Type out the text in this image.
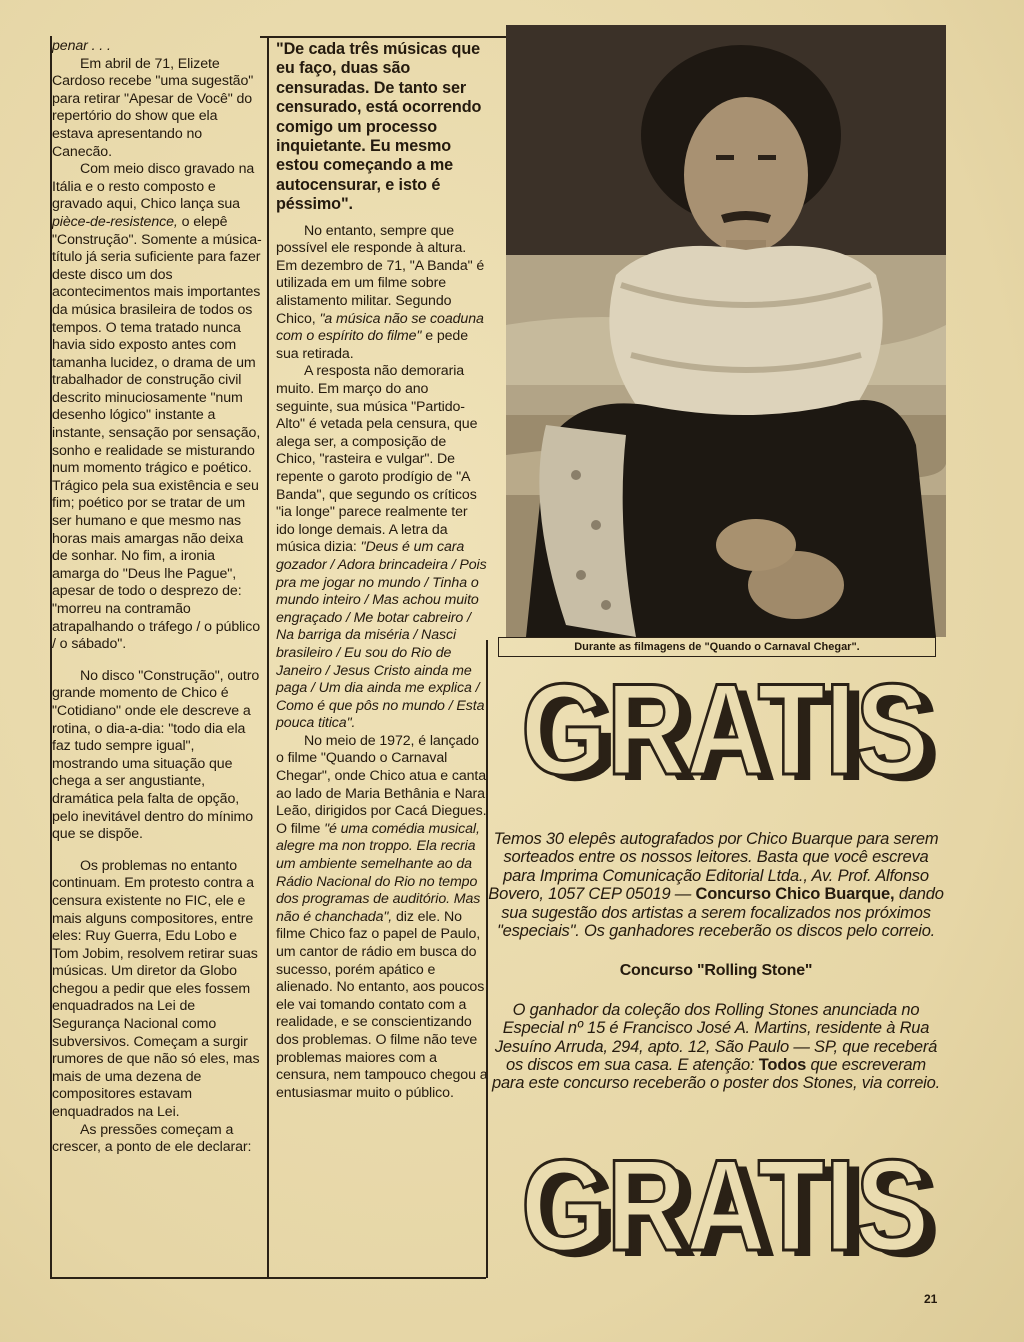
penar . . .

Em abril de 71, Elizete Cardoso recebe "uma sugestão" para retirar "Apesar de Você" do repertório do show que ela estava apresentando no Canecão.

Com meio disco gravado na Itália e o resto composto e gravado aqui, Chico lança sua pièce-de-resistence, o elepê "Construção". Somente a música-título já seria suficiente para fazer deste disco um dos acontecimentos mais importantes da música brasileira de todos os tempos. O tema tratado nunca havia sido exposto antes com tamanha lucidez, o drama de um trabalhador de construção civil descrito minuciosamente "num desenho lógico" instante a instante, sensação por sensação, sonho e realidade se misturando num momento trágico e poético. Trágico pela sua existência e seu fim; poético por se tratar de um ser humano e que mesmo nas horas mais amargas não deixa de sonhar. No fim, a ironia amarga do "Deus lhe Pague", apesar de todo o desprezo de: "morreu na contramão atrapalhando o tráfego / o público / o sábado".

No disco "Construção", outro grande momento de Chico é "Cotidiano" onde ele descreve a rotina, o dia-a-dia: "todo dia ela faz tudo sempre igual", mostrando uma situação que chega a ser angustiante, dramática pela falta de opção, pelo inevitável dentro do mínimo que se dispõe.

Os problemas no entanto continuam. Em protesto contra a censura existente no FIC, ele e mais alguns compositores, entre eles: Ruy Guerra, Edu Lobo e Tom Jobim, resolvem retirar suas músicas. Um diretor da Globo chegou a pedir que eles fossem enquadrados na Lei de Segurança Nacional como subversivos. Começam a surgir rumores de que não só eles, mas mais de uma dezena de compositores estavam enquadrados na Lei.

As pressões começam a crescer, a ponto de ele declarar:

"De cada três músicas que eu faço, duas são censuradas. De tanto ser censurado, está ocorrendo comigo um processo inquietante. Eu mesmo estou começando a me autocensurar, e isto é péssimo".

No entanto, sempre que possível ele responde à altura. Em dezembro de 71, "A Banda" é utilizada em um filme sobre alistamento militar. Segundo Chico, "a música não se coaduna com o espírito do filme" e pede sua retirada.

A resposta não demoraria muito. Em março do ano seguinte, sua música "Partido-Alto" é vetada pela censura, que alega ser, a composição de Chico, "rasteira e vulgar". De repente o garoto prodígio de "A Banda", que segundo os críticos "ia longe" parece realmente ter ido longe demais. A letra da música dizia: "Deus é um cara gozador / Adora brincadeira / Pois pra me jogar no mundo / Tinha o mundo inteiro / Mas achou muito engraçado / Me botar cabreiro / Na barriga da miséria / Nasci brasileiro / Eu sou do Rio de Janeiro / Jesus Cristo ainda me paga / Um dia ainda me explica / Como é que pôs no mundo / Esta pouca titica".

No meio de 1972, é lançado o filme "Quando o Carnaval Chegar", onde Chico atua e canta ao lado de Maria Bethânia e Nara Leão, dirigidos por Cacá Diegues. O filme "é uma comédia musical, alegre ma non troppo. Ela recria um ambiente semelhante ao da Rádio Nacional do Rio no tempo dos programas de auditório. Mas não é chanchada", diz ele. No filme Chico faz o papel de Paulo, um cantor de rádio em busca do sucesso, porém apático e alienado. No entanto, aos poucos ele vai tomando contato com a realidade, e se conscientizando dos problemas. O filme não teve problemas maiores com a censura, nem tampouco chegou a entusiasmar muito o público.

Durante as filmagens de "Quando o Carnaval Chegar".
GRATIS
GRATIS

Temos 30 elepês autografados por Chico Buarque para serem sorteados entre os nossos leitores. Basta que você escreva para Imprima Comunicação Editorial Ltda., Av. Prof. Alfonso Bovero, 1057 CEP 05019 — Concurso Chico Buarque, dando sua sugestão dos artistas a serem focalizados nos próximos "especiais". Os ganhadores receberão os discos pelo correio.

Concurso "Rolling Stone"

O ganhador da coleção dos Rolling Stones anunciada no Especial nº 15 é Francisco José A. Martins, residente à Rua Jesuíno Arruda, 294, apto. 12, São Paulo — SP, que receberá os discos em sua casa. E atenção: Todos que escreveram para este concurso receberão o poster dos Stones, via correio.

GRATIS
GRATIS
21
